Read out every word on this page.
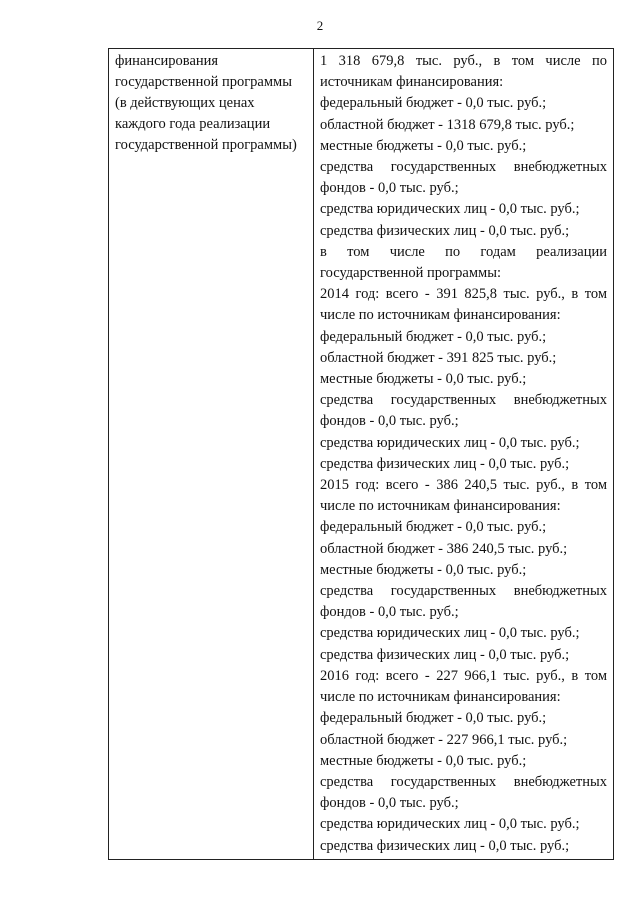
2
финансирования
государственной программы
(в действующих ценах
каждого года реализации
государственной программы)

1 318 679,8 тыс. руб., в том числе по
источникам финансирования:
федеральный бюджет - 0,0 тыс. руб.;
областной бюджет - 1318 679,8 тыс. руб.;
местные бюджеты - 0,0 тыс. руб.;
средства государственных внебюджетных
фондов - 0,0 тыс. руб.;
средства юридических лиц - 0,0 тыс. руб.;
средства физических лиц - 0,0 тыс. руб.;
в том числе по годам реализации
государственной программы:
2014 год: всего - 391 825,8 тыс. руб., в том
числе по источникам финансирования:
федеральный бюджет - 0,0 тыс. руб.;
областной бюджет - 391 825 тыс. руб.;
местные бюджеты - 0,0 тыс. руб.;
средства государственных внебюджетных
фондов - 0,0 тыс. руб.;
средства юридических лиц - 0,0 тыс. руб.;
средства физических лиц - 0,0 тыс. руб.;
2015 год: всего - 386 240,5 тыс. руб., в том
числе по источникам финансирования:
федеральный бюджет - 0,0 тыс. руб.;
областной бюджет - 386 240,5 тыс. руб.;
местные бюджеты - 0,0 тыс. руб.;
средства государственных внебюджетных
фондов - 0,0 тыс. руб.;
средства юридических лиц - 0,0 тыс. руб.;
средства физических лиц - 0,0 тыс. руб.;
2016 год: всего - 227 966,1 тыс. руб., в том
числе по источникам финансирования:
федеральный бюджет - 0,0 тыс. руб.;
областной бюджет - 227 966,1 тыс. руб.;
местные бюджеты - 0,0 тыс. руб.;
средства государственных внебюджетных
фондов - 0,0 тыс. руб.;
средства юридических лиц - 0,0 тыс. руб.;
средства физических лиц - 0,0 тыс. руб.;
